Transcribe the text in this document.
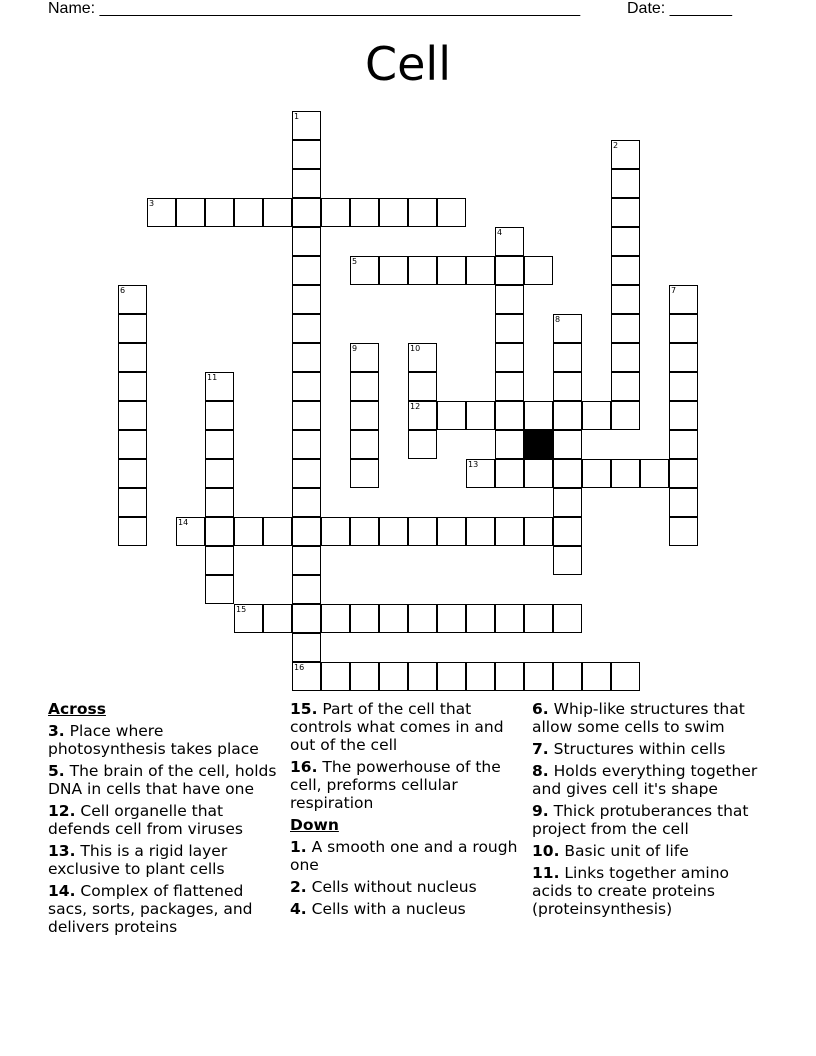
Name: ______________________________________________________	Date: _______
Cell
1
2
3
4
5
6	7
8
9	10
11
12
13
14
15
16
Across
3. Place where photosynthesis takes place
5. The brain of the cell, holds DNA in cells that have one
12. Cell organelle that defends cell from viruses
13. This is a rigid layer exclusive to plant cells
14. Complex of flattened sacs, sorts, packages, and delivers proteins
15. Part of the cell that controls what comes in and out of the cell
16. The powerhouse of the cell, preforms cellular respiration
Down
1. A smooth one and a rough one
2. Cells without nucleus
4. Cells with a nucleus
6. Whip-like structures that allow some cells to swim
7. Structures within cells
8. Holds everything together and gives cell it's shape
9. Thick protuberances that project from the cell
10. Basic unit of life
11. Links together amino acids to create proteins (proteinsynthesis)
